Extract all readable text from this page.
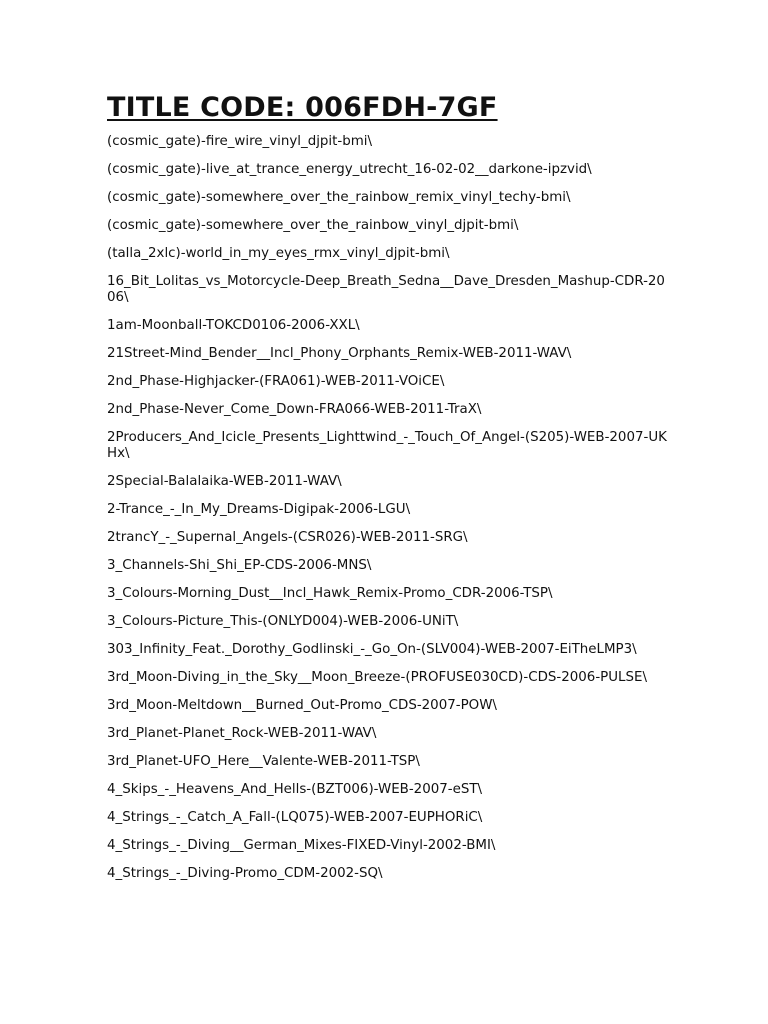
TITLE CODE: 006FDH-7GF
(cosmic_gate)-fire_wire_vinyl_djpit-bmi\
(cosmic_gate)-live_at_trance_energy_utrecht_16-02-02__darkone-ipzvid\
(cosmic_gate)-somewhere_over_the_rainbow_remix_vinyl_techy-bmi\
(cosmic_gate)-somewhere_over_the_rainbow_vinyl_djpit-bmi\
(talla_2xlc)-world_in_my_eyes_rmx_vinyl_djpit-bmi\
16_Bit_Lolitas_vs_Motorcycle-Deep_Breath_Sedna__Dave_Dresden_Mashup-CDR-2006\
1am-Moonball-TOKCD0106-2006-XXL\
21Street-Mind_Bender__Incl_Phony_Orphants_Remix-WEB-2011-WAV\
2nd_Phase-Highjacker-(FRA061)-WEB-2011-VOiCE\
2nd_Phase-Never_Come_Down-FRA066-WEB-2011-TraX\
2Producers_And_Icicle_Presents_Lighttwind_-_Touch_Of_Angel-(S205)-WEB-2007-UKHx\
2Special-Balalaika-WEB-2011-WAV\
2-Trance_-_In_My_Dreams-Digipak-2006-LGU\
2trancY_-_Supernal_Angels-(CSR026)-WEB-2011-SRG\
3_Channels-Shi_Shi_EP-CDS-2006-MNS\
3_Colours-Morning_Dust__Incl_Hawk_Remix-Promo_CDR-2006-TSP\
3_Colours-Picture_This-(ONLYD004)-WEB-2006-UNiT\
303_Infinity_Feat._Dorothy_Godlinski_-_Go_On-(SLV004)-WEB-2007-EiTheLMP3\
3rd_Moon-Diving_in_the_Sky__Moon_Breeze-(PROFUSE030CD)-CDS-2006-PULSE\
3rd_Moon-Meltdown__Burned_Out-Promo_CDS-2007-POW\
3rd_Planet-Planet_Rock-WEB-2011-WAV\
3rd_Planet-UFO_Here__Valente-WEB-2011-TSP\
4_Skips_-_Heavens_And_Hells-(BZT006)-WEB-2007-eST\
4_Strings_-_Catch_A_Fall-(LQ075)-WEB-2007-EUPHORiC\
4_Strings_-_Diving__German_Mixes-FIXED-Vinyl-2002-BMI\
4_Strings_-_Diving-Promo_CDM-2002-SQ\
